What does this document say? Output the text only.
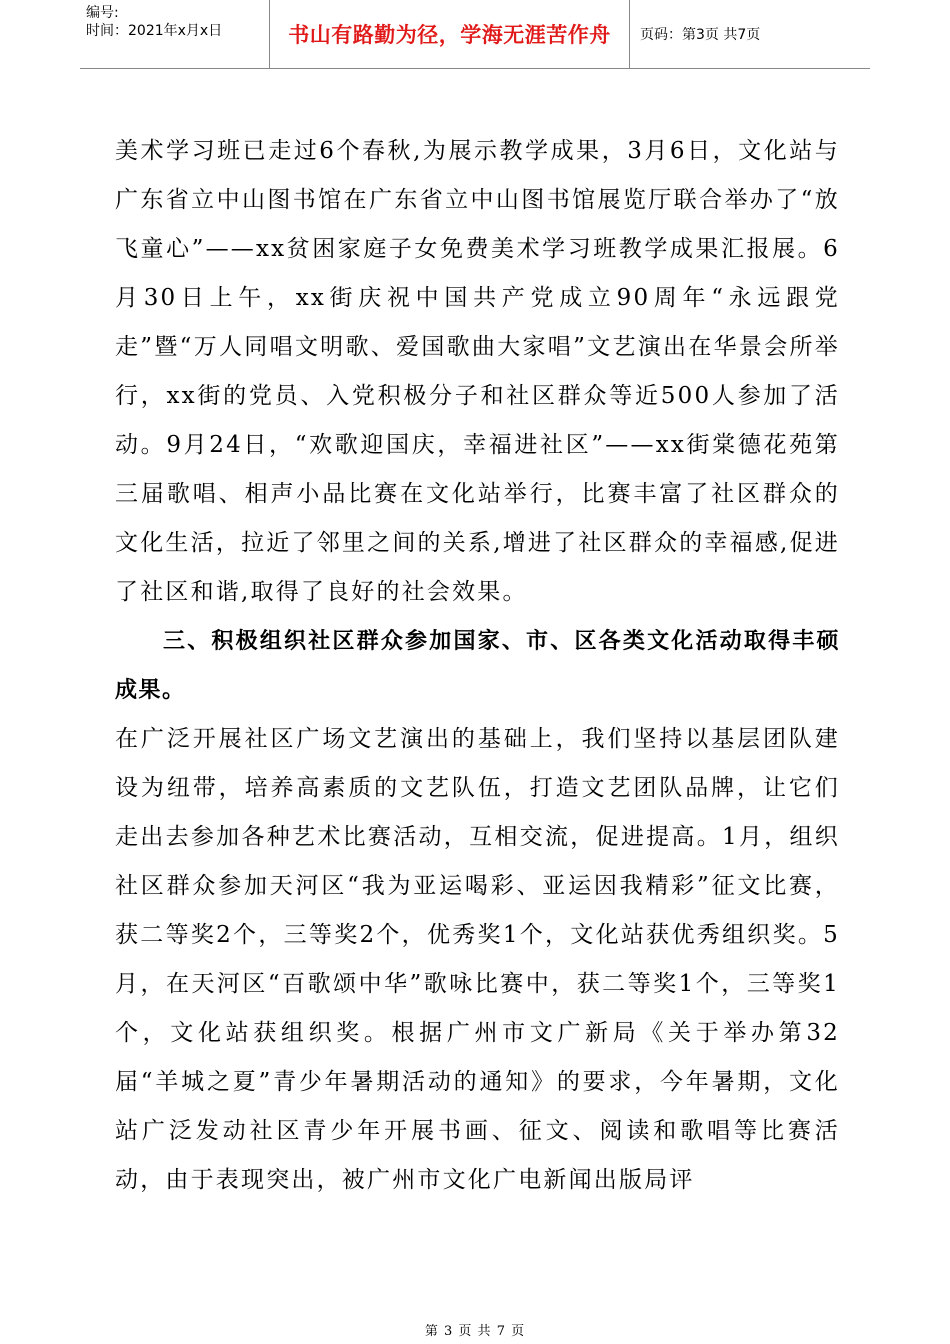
编号:
时间：2021年x月x日	书山有路勤为径，学海无涯苦作舟	页码：第3页 共7页

美术学习班已走过6个春秋,为展示教学成果，3月6日，文化站与广东省立中山图书馆在广东省立中山图书馆展览厅联合举办了“放飞童心”——xx贫困家庭子女免费美术学习班教学成果汇报展。6月30日上午，xx街庆祝中国共产党成立90周年“永远跟党走”暨“万人同唱文明歌、爱国歌曲大家唱”文艺演出在华景会所举行，xx街的党员、入党积极分子和社区群众等近500人参加了活动。9月24日，“欢歌迎国庆，幸福进社区”——xx街棠德花苑第三届歌唱、相声小品比赛在文化站举行，比赛丰富了社区群众的文化生活，拉近了邻里之间的关系,增进了社区群众的幸福感,促进了社区和谐,取得了良好的社会效果。

三、积极组织社区群众参加国家、市、区各类文化活动取得丰硕成果。

在广泛开展社区广场文艺演出的基础上，我们坚持以基层团队建设为纽带，培养高素质的文艺队伍，打造文艺团队品牌，让它们走出去参加各种艺术比赛活动，互相交流，促进提高。1月，组织社区群众参加天河区“我为亚运喝彩、亚运因我精彩”征文比赛，获二等奖2个，三等奖2个，优秀奖1个，文化站获优秀组织奖。5月，在天河区“百歌颂中华”歌咏比赛中，获二等奖1个，三等奖1个，文化站获组织奖。根据广州市文广新局《关于举办第32届“羊城之夏”青少年暑期活动的通知》的要求，今年暑期，文化站广泛发动社区青少年开展书画、征文、阅读和歌唱等比赛活动，由于表现突出，被广州市文化广电新闻出版局评

第 3 页 共 7 页
